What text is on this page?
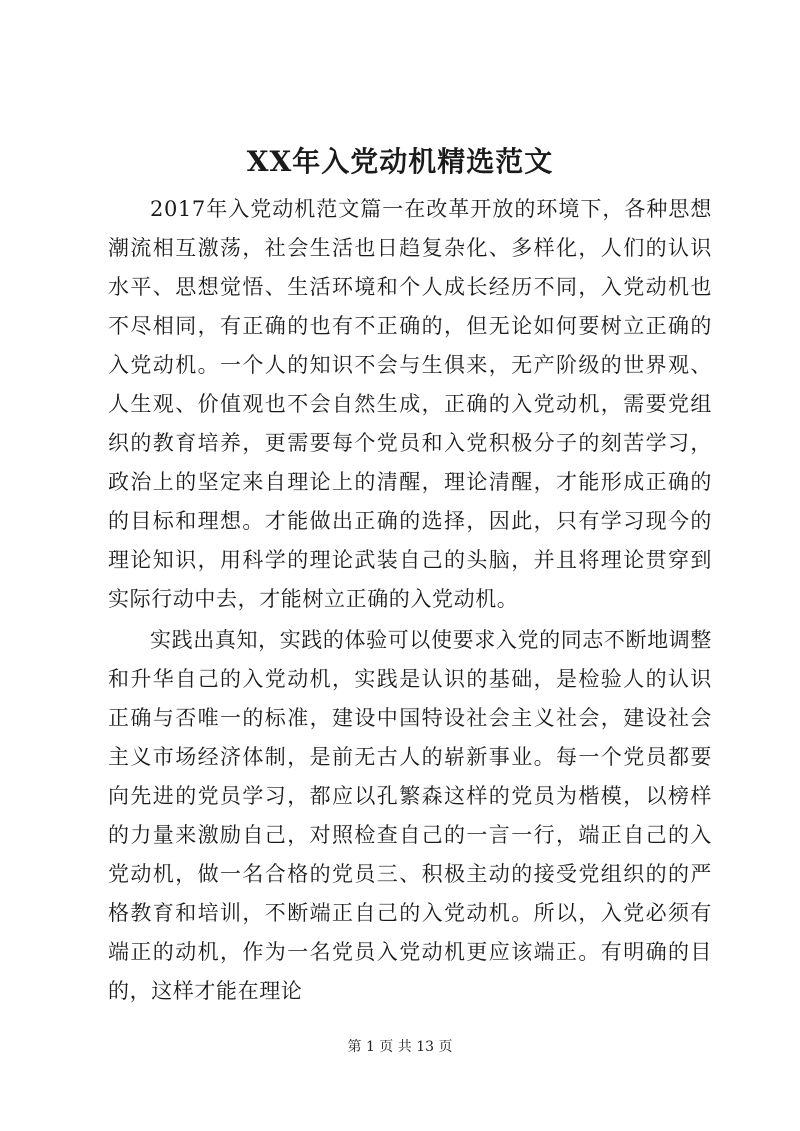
XX年入党动机精选范文

2017年入党动机范文篇一在改革开放的环境下，各种思想潮流相互激荡，社会生活也日趋复杂化、多样化，人们的认识水平、思想觉悟、生活环境和个人成长经历不同，入党动机也不尽相同，有正确的也有不正确的，但无论如何要树立正确的入党动机。一个人的知识不会与生俱来，无产阶级的世界观、人生观、价值观也不会自然生成，正确的入党动机，需要党组织的教育培养，更需要每个党员和入党积极分子的刻苦学习，政治上的坚定来自理论上的清醒，理论清醒，才能形成正确的的目标和理想。才能做出正确的选择，因此，只有学习现今的理论知识，用科学的理论武装自己的头脑，并且将理论贯穿到实际行动中去，才能树立正确的入党动机。

实践出真知，实践的体验可以使要求入党的同志不断地调整和升华自己的入党动机，实践是认识的基础，是检验人的认识正确与否唯一的标准，建设中国特设社会主义社会，建设社会主义市场经济体制，是前无古人的崭新事业。每一个党员都要向先进的党员学习，都应以孔繁森这样的党员为楷模，以榜样的力量来激励自己，对照检查自己的一言一行，端正自己的入党动机，做一名合格的党员三、积极主动的接受党组织的的严格教育和培训，不断端正自己的入党动机。所以，入党必须有端正的动机，作为一名党员入党动机更应该端正。有明确的目的，这样才能在理论

第 1 页 共 13 页
